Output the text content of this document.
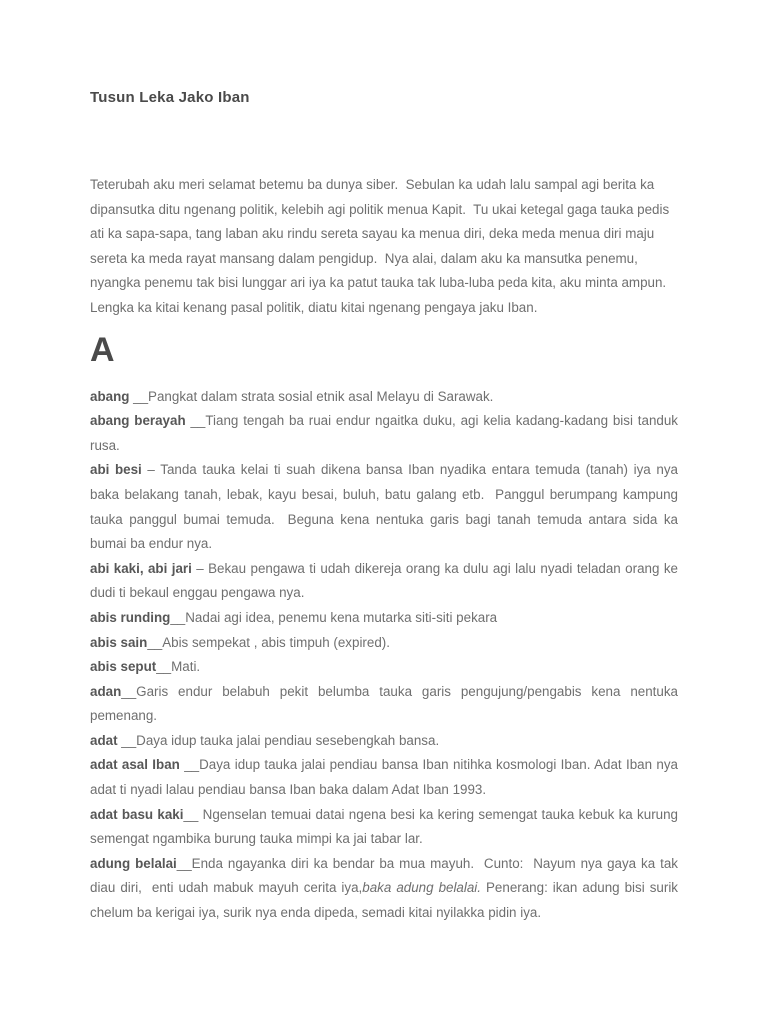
Tusun Leka Jako Iban

Teterubah aku meri selamat betemu ba dunya siber.  Sebulan ka udah lalu sampal agi berita ka dipansutka ditu ngenang politik, kelebih agi politik menua Kapit.  Tu ukai ketegal gaga tauka pedis ati ka sapa-sapa, tang laban aku rindu sereta sayau ka menua diri, deka meda menua diri maju sereta ka meda rayat mansang dalam pengidup.  Nya alai, dalam aku ka mansutka penemu, nyangka penemu tak bisi lunggar ari iya ka patut tauka tak luba-luba peda kita, aku minta ampun.  Lengka ka kitai kenang pasal politik, diatu kitai ngenang pengaya jaku Iban.

A

abang __Pangkat dalam strata sosial etnik asal Melayu di Sarawak.

abang berayah __Tiang tengah ba ruai endur ngaitka duku, agi kelia kadang-kadang bisi tanduk rusa.

abi besi – Tanda tauka kelai ti suah dikena bansa Iban nyadika entara temuda (tanah) iya nya baka belakang tanah, lebak, kayu besai, buluh, batu galang etb.  Panggul berumpang kampung tauka panggul bumai temuda.  Beguna kena nentuka garis bagi tanah temuda antara sida ka bumai ba endur nya.

abi kaki, abi jari – Bekau pengawa ti udah dikereja orang ka dulu agi lalu nyadi teladan orang ke dudi ti bekaul enggau pengawa nya.

abis runding__Nadai agi idea, penemu kena mutarka siti-siti pekara

abis sain__Abis sempekat , abis timpuh (expired).

abis seput__Mati.

adan__Garis endur belabuh pekit belumba tauka garis pengujung/pengabis kena nentuka pemenang.

adat __Daya idup tauka jalai pendiau sesebengkah bansa.

adat asal Iban __Daya idup tauka jalai pendiau bansa Iban nitihka kosmologi Iban. Adat Iban nya adat ti nyadi lalau pendiau bansa Iban baka dalam Adat Iban 1993.

adat basu kaki__ Ngenselan temuai datai ngena besi ka kering semengat tauka kebuk ka kurung semengat ngambika burung tauka mimpi ka jai tabar lar.

adung belalai__Enda ngayanka diri ka bendar ba mua mayuh.  Cunto:  Nayum nya gaya ka tak diau diri,  enti udah mabuk mayuh cerita iya,baka adung belalai. Penerang: ikan adung bisi surik chelum ba kerigai iya, surik nya enda dipeda, semadi kitai nyilakka pidin iya.
